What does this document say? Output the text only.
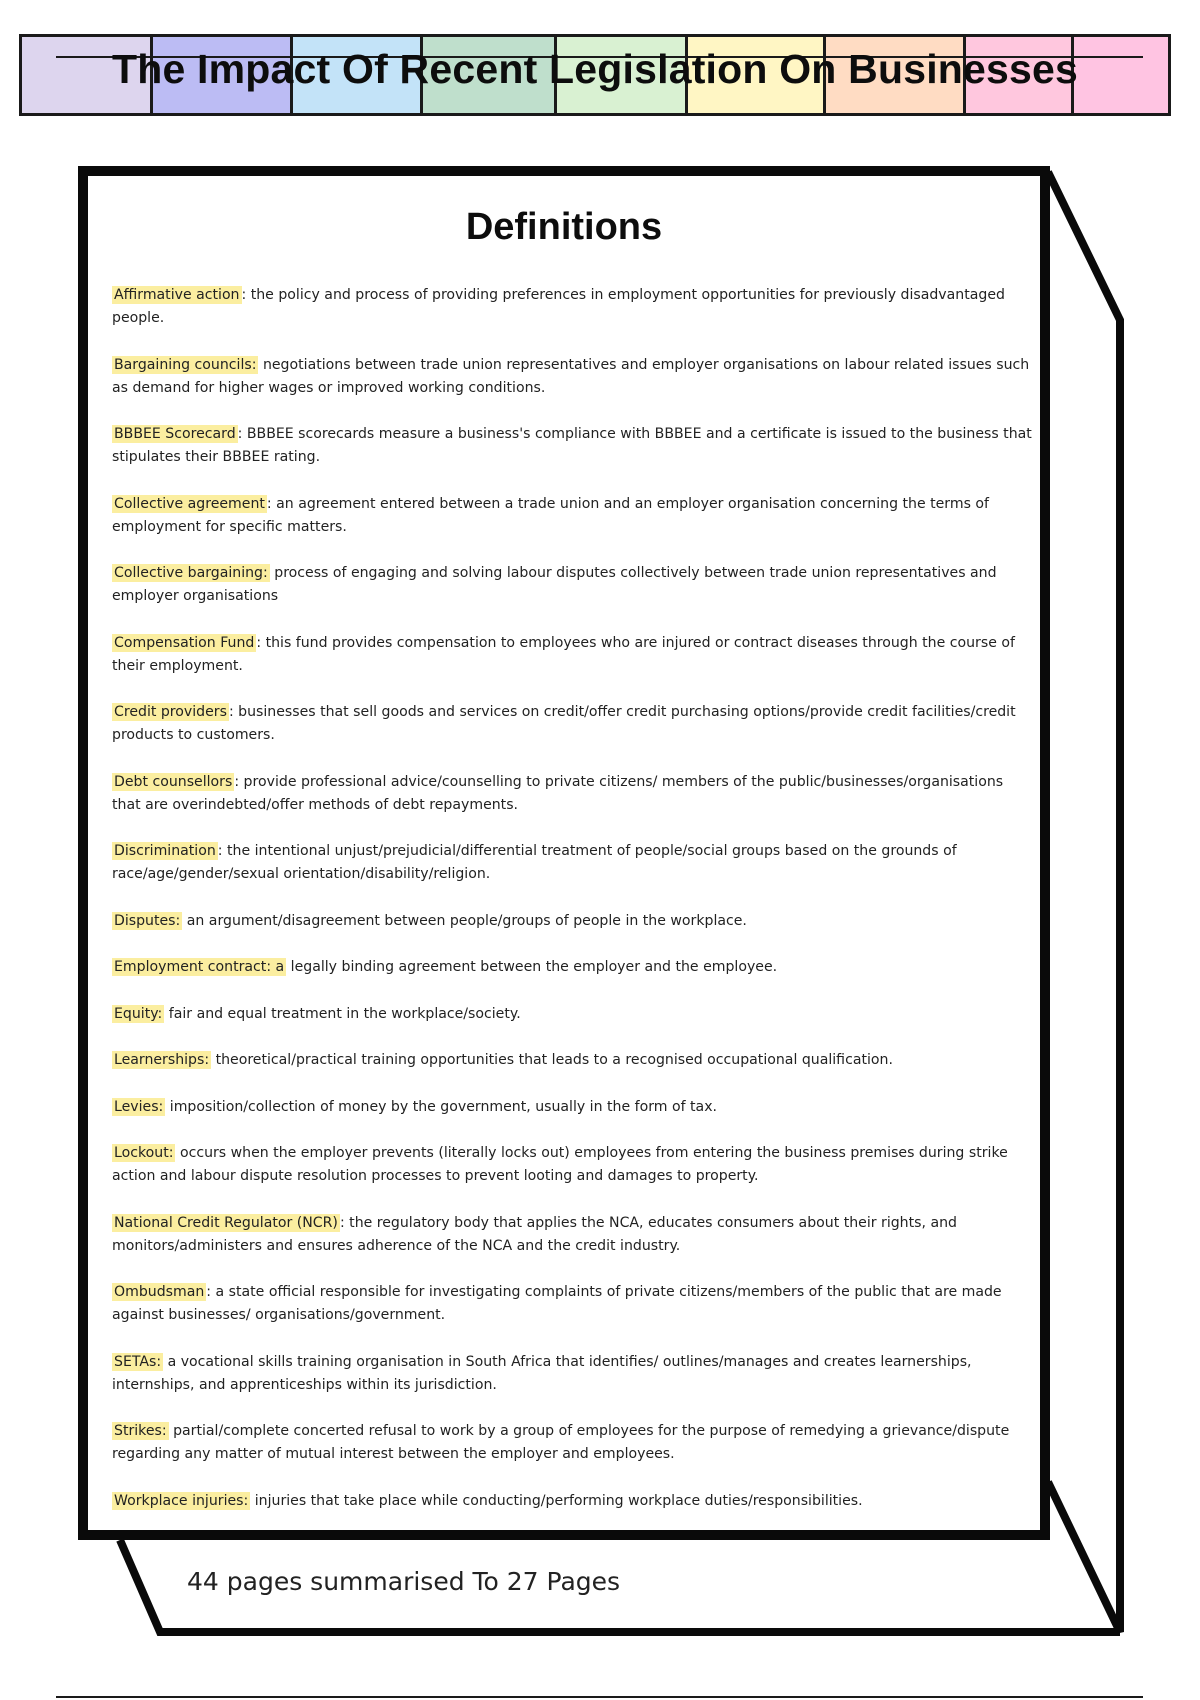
The Impact Of Recent Legislation On Businesses
Definitions

Affirmative action : the policy and process of providing preferences in employment opportunities for previously disadvantaged people.

Bargaining councils: negotiations between trade union representatives and employer organisations on labour related issues such as demand for higher wages or improved working conditions.

BBBEE Scorecard : BBBEE scorecards measure a business's compliance with BBBEE and a certificate is issued to the business that stipulates their BBBEE rating.

Collective agreement : an agreement entered between a trade union and an employer organisation concerning the terms of employment for specific matters.

Collective bargaining: process of engaging and solving labour disputes collectively between trade union representatives and employer organisations

Compensation Fund : this fund provides compensation to employees who are injured or contract diseases through the course of their employment.

Credit providers : businesses that sell goods and services on credit/offer credit purchasing options/provide credit facilities/credit products to customers.

Debt counsellors : provide professional advice/counselling to private citizens/ members of the public/businesses/organisations that are overindebted/offer methods of debt repayments.

Discrimination : the intentional unjust/prejudicial/differential treatment of people/social groups based on the grounds of race/age/gender/sexual orientation/disability/religion.

Disputes: an argument/disagreement between people/groups of people in the workplace.

Employment contract: a legally binding agreement between the employer and the employee.

Equity: fair and equal treatment in the workplace/society.

Learnerships: theoretical/practical training opportunities that leads to a recognised occupational qualification.

Levies: imposition/collection of money by the government, usually in the form of tax.

Lockout: occurs when the employer prevents (literally locks out) employees from entering the business premises during strike action and labour dispute resolution processes to prevent looting and damages to property.

National Credit Regulator (NCR) : the regulatory body that applies the NCA, educates consumers about their rights, and monitors/administers and ensures adherence of the NCA and the credit industry.

Ombudsman : a state official responsible for investigating complaints of private citizens/members of the public that are made against businesses/ organisations/government.

SETAs: a vocational skills training organisation in South Africa that identifies/ outlines/manages and creates learnerships, internships, and apprenticeships within its jurisdiction.

Strikes: partial/complete concerted refusal to work by a group of employees for the purpose of remedying a grievance/dispute regarding any matter of mutual interest between the employer and employees.

Workplace injuries: injuries that take place while conducting/performing workplace duties/responsibilities.

44 pages summarised To 27 Pages
